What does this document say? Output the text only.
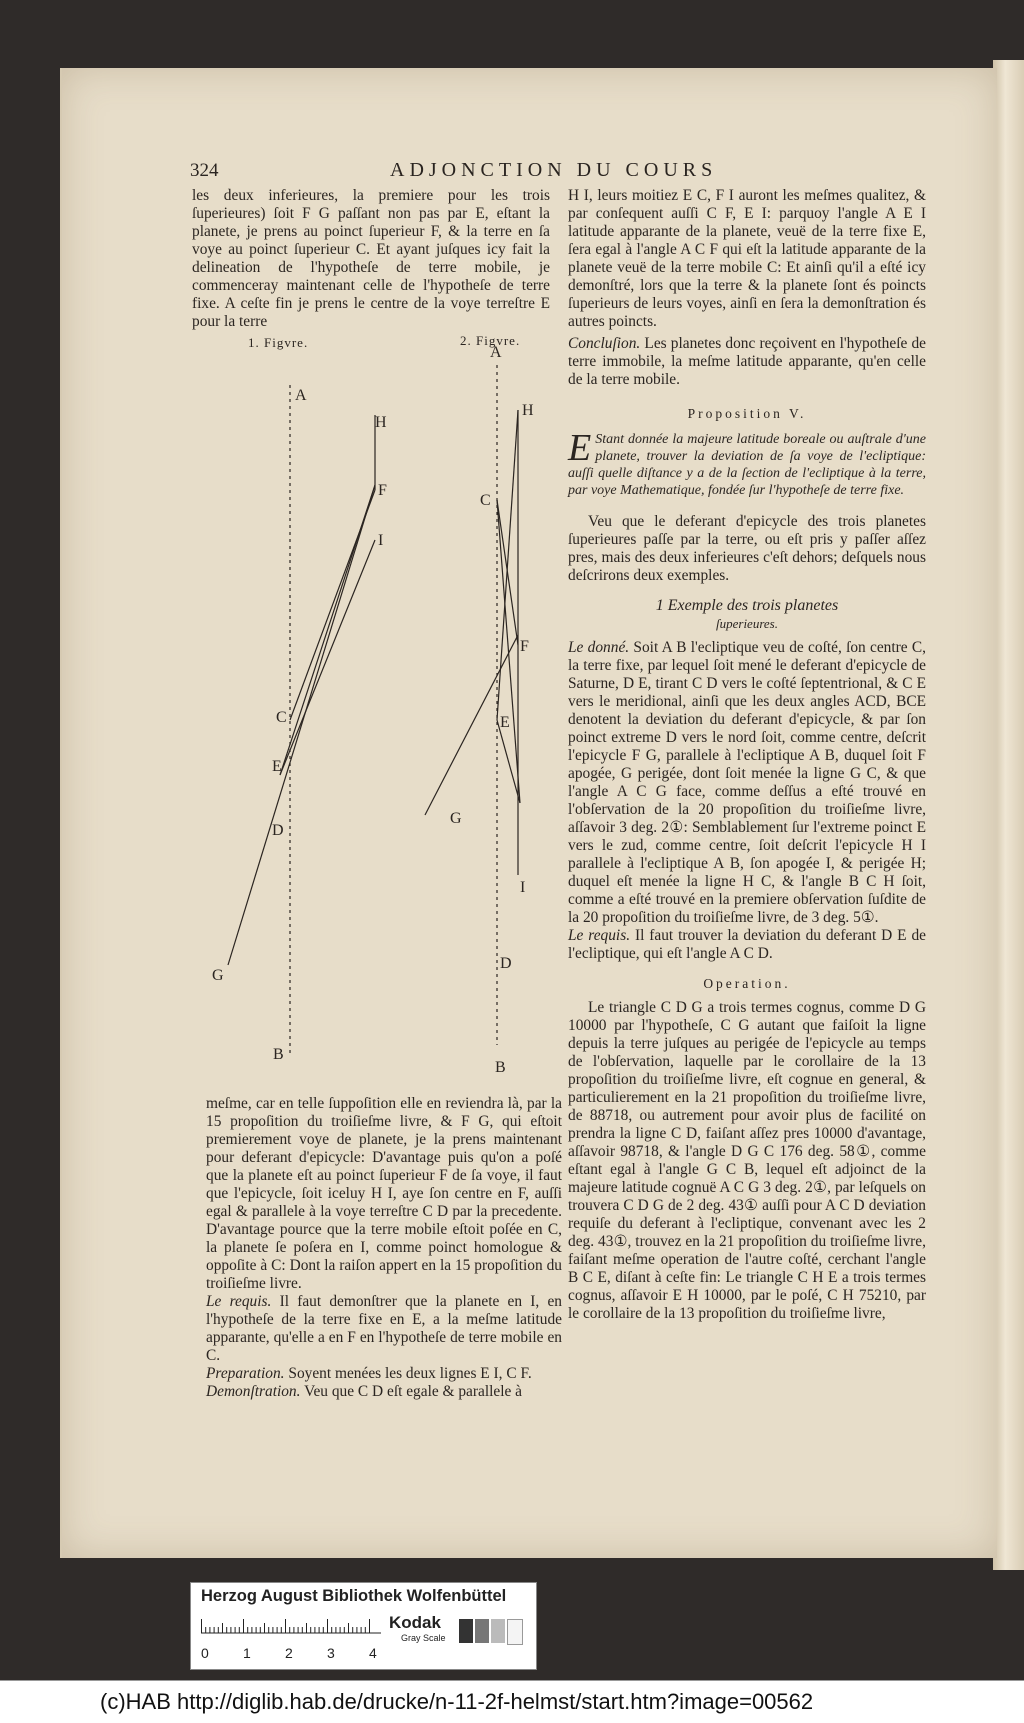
324	ADJONCTION DU COURS

les deux inferieures, la premiere pour les trois ſuperieures) ſoit F G paſſant non pas par E, eſtant la planete, je prens au poinct ſuperieur F, & la terre en ſa voye au poinct ſuperieur C. Et ayant juſques icy fait la delineation de l'hypotheſe de terre mobile, je commenceray maintenant celle de l'hypotheſe de terre fixe. A ceſte fin je prens le centre de la voye terreſtre E pour la terre

1. Figvre.	2. Figvre.
A
H
F
I
C
E
D
G
B
A
H
C
F
E
G
I
D
B

meſme, car en telle ſuppoſition elle en reviendra là, par la 15 propoſition du troiſieſme livre, & F G, qui eſtoit premierement voye de planete, je la prens maintenant pour deferant d'epicycle: D'avantage puis qu'on a poſé que la planete eſt au poinct ſuperieur F de ſa voye, il faut que l'epicycle, ſoit iceluy H I, aye ſon centre en F, auſſi egal & parallele à la voye terreſtre C D par la precedente. D'avantage pource que la terre mobile eſtoit poſée en C, la planete ſe poſera en I, comme poinct homologue & oppoſite à C: Dont la raiſon appert en la 15 propoſition du troiſieſme livre.

Le requis. Il faut demonſtrer que la planete en I, en l'hypotheſe de la terre fixe en E, a la meſme latitude apparante, qu'elle a en F en l'hypotheſe de terre mobile en C.

Preparation. Soyent menées les deux lignes E I, C F.

Demonſtration. Veu que C D eſt egale & parallele à

H I, leurs moitiez E C, F I auront les meſmes qualitez, & par conſequent auſſi C F, E I: parquoy l'angle A E I latitude apparante de la planete, veuë de la terre fixe E, ſera egal à l'angle A C F qui eſt la latitude apparante de la planete veuë de la terre mobile C: Et ainſi qu'il a eſté icy demonſtré, lors que la terre & la planete ſont és poincts ſuperieurs de leurs voyes, ainſi en ſera la demonſtration és autres poincts.

Concluſion. Les planetes donc reçoivent en l'hypotheſe de terre immobile, la meſme latitude apparante, qu'en celle de la terre mobile.

Proposition V.

E Stant donnée la majeure latitude boreale ou auſtrale d'une planete, trouver la deviation de ſa voye de l'ecliptique: auſſi quelle diſtance y a de la ſection de l'ecliptique à la terre, par voye Mathematique, fondée ſur l'hypotheſe de terre fixe.

Veu que le deferant d'epicycle des trois planetes ſuperieures paſſe par la terre, ou eſt pris y paſſer aſſez pres, mais des deux inferieures c'eſt dehors; deſquels nous deſcrirons deux exemples.

1 Exemple des trois planetes

ſuperieures.

Le donné. Soit A B l'ecliptique veu de coſté, ſon centre C, la terre fixe, par lequel ſoit mené le deferant d'epicycle de Saturne, D E, tirant C D vers le coſté ſeptentrional, & C E vers le meridional, ainſi que les deux angles ACD, BCE denotent la deviation du deferant d'epicycle, & par ſon poinct extreme D vers le nord ſoit, comme centre, deſcrit l'epicycle F G, parallele à l'ecliptique A B, duquel ſoit F apogée, G perigée, dont ſoit menée la ligne G C, & que l'angle A C G face, comme deſſus a eſté trouvé en l'obſervation de la 20 propoſition du troiſieſme livre, aſſavoir 3 deg. 2①: Semblablement ſur l'extreme poinct E vers le zud, comme centre, ſoit deſcrit l'epicycle H I parallele à l'ecliptique A B, ſon apogée I, & perigée H; duquel eſt menée la ligne H C, & l'angle B C H ſoit, comme a eſté trouvé en la premiere obſervation ſuſdite de la 20 propoſition du troiſieſme livre, de 3 deg. 5①.

Le requis. Il faut trouver la deviation du deferant D E de l'ecliptique, qui eſt l'angle A C D.

Operation.

Le triangle C D G a trois termes cognus, comme D G 10000 par l'hypotheſe, C G autant que faiſoit la ligne depuis la terre juſques au perigée de l'epicycle au temps de l'obſervation, laquelle par le corollaire de la 13 propoſition du troiſieſme livre, eſt cognue en general, & particulierement en la 21 propoſition du troiſieſme livre, de 88718, ou autrement pour avoir plus de facilité on prendra la ligne C D, faiſant aſſez pres 10000 d'avantage, aſſavoir 98718, & l'angle D G C 176 deg. 58①, comme eſtant egal à l'angle G C B, lequel eſt adjoinct de la majeure latitude cognuë A C G 3 deg. 2①, par leſquels on trouvera C D G de 2 deg. 43① auſſi pour A C D deviation requiſe du deferant à l'ecliptique, convenant avec les 2 deg. 43①, trouvez en la 21 propoſition du troiſieſme livre, faiſant meſme operation de l'autre coſté, cerchant l'angle B C E, diſant à ceſte fin: Le triangle C H E a trois termes cognus, aſſavoir E H 10000, par le poſé, C H 75210, par le corollaire de la 13 propoſition du troiſieſme livre,

Herzog August Bibliothek Wolfenbüttel
Kodak
Gray Scale
0 1 2 3 4
(c)HAB http://diglib.hab.de/drucke/n-11-2f-helmst/start.htm?image=00562
